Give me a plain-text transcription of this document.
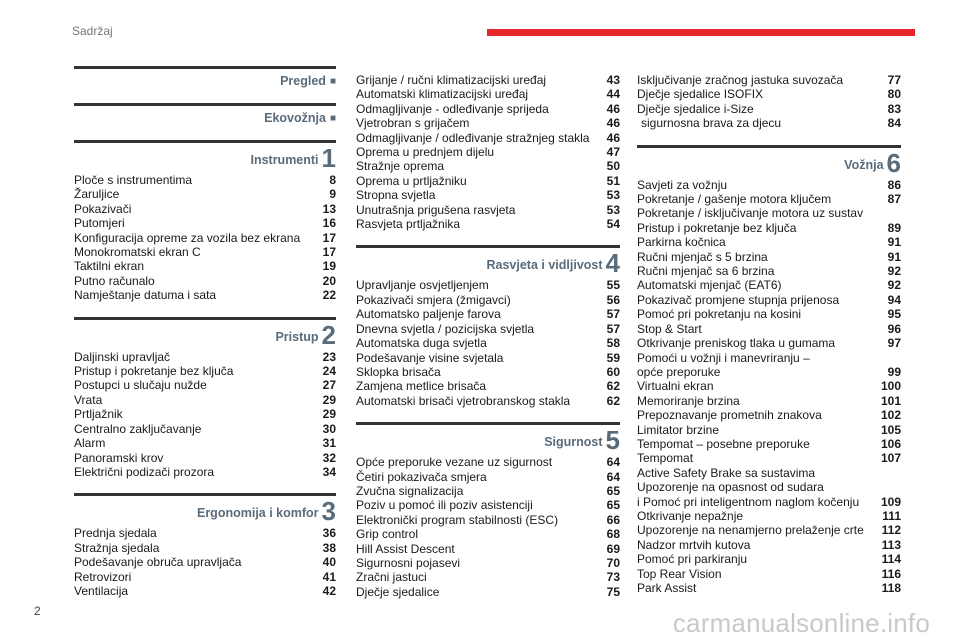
Sadržaj
Pregled ■
Ekovožnja ■
Instrumenti 1
Ploče s instrumentima	8
Žaruljice	9
Pokazivači	13
Putomjeri	16
Konfiguracija opreme za vozila bez ekrana 17
Monokromatski ekran C	17
Taktilni ekran	19
Putno računalo	20
Namještanje datuma i sata	22
Pristup 2
Daljinski upravljač	23
Pristup i pokretanje bez ključa	24
Postupci u slučaju nužde	27
Vrata	29
Prtljažnik	29
Centralno zaključavanje	30
Alarm	31
Panoramski krov	32
Električni podizači prozora	34
Ergonomija i komfor 3
Prednja sjedala	36
Stražnja sjedala	38
Podešavanje obruča upravljača	40
Retrovizori	41
Ventilacija	42
Grijanje / ručni klimatizacijski uređaj	43
Automatski klimatizacijski uređaj	44
Odmagljivanje - odleđivanje sprijeda	46
Vjetrobran s grijačem	46
Odmagljivanje / odleđivanje stražnjeg stakla 46
Oprema u prednjem dijelu	47
Stražnje oprema	50
Oprema u prtljažniku	51
Stropna svjetla	53
Unutrašnja prigušena rasvjeta	53
Rasvjeta prtljažnika	54
Rasvjeta i vidljivost 4
Upravljanje osvjetljenjem	55
Pokazivači smjera (žmigavci)	56
Automatsko paljenje farova	57
Dnevna svjetla / pozicijska svjetla	57
Automatska duga svjetla	58
Podešavanje visine svjetala	59
Sklopka brisača	60
Zamjena metlice brisača	62
Automatski brisači vjetrobranskog stakla	62
Sigurnost 5
Opće preporuke vezane uz sigurnost	64
Četiri pokazivača smjera	64
Zvučna signalizacija	65
Poziv u pomoć ili poziv asistenciji	65
Elektronički program stabilnosti (ESC)	66
Grip control	68
Hill Assist Descent	69
Sigurnosni pojasevi	70
Zračni jastuci	73
Dječje sjedalice	75
Isključivanje zračnog jastuka suvozača	77
Dječje sjedalice ISOFIX	80
Dječje sjedalice i-Size	83
sigurnosna brava za djecu	84
Vožnja 6
Savjeti za vožnju	86
Pokretanje / gašenje motora ključem	87
Pokretanje / isključivanje motora uz sustav
Pristup i pokretanje bez ključa	89
Parkirna kočnica	91
Ručni mjenjač s 5 brzina	91
Ručni mjenjač sa 6 brzina	92
Automatski mjenjač (EAT6)	92
Pokazivač promjene stupnja prijenosa	94
Pomoć pri pokretanju na kosini	95
Stop & Start	96
Otkrivanje preniskog tlaka u gumama	97
Pomoći u vožnji i manevriranju –
opće preporuke	99
Virtualni ekran	100
Memoriranje brzina	101
Prepoznavanje prometnih znakova	102
Limitator brzine	105
Tempomat – posebne preporuke	106
Tempomat	107
Active Safety Brake sa sustavima
Upozorenje na opasnost od sudara
i Pomoć pri inteligentnom naglom kočenju 109
Otkrivanje nepažnje	111
Upozorenje na nenamjerno prelaženje crte 112
Nadzor mrtvih kutova	113
Pomoć pri parkiranju	114
Top Rear Vision	116
Park Assist	118
2	carmanualsonline.info
